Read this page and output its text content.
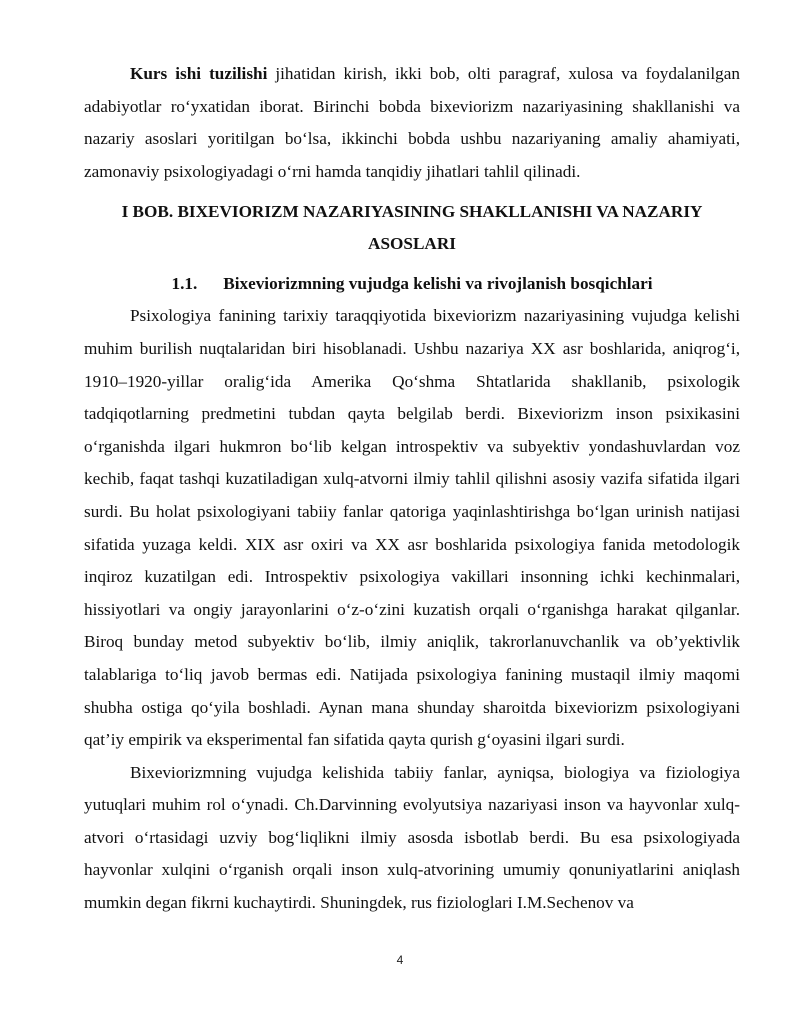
Kurs ishi tuzilishi jihatidan kirish, ikki bob, olti paragraf, xulosa va foydalanilgan adabiyotlar ro‘yxatidan iborat. Birinchi bobda bixeviorizm nazariyasining shakllanishi va nazariy asoslari yoritilgan bo‘lsa, ikkinchi bobda ushbu nazariyaning amaliy ahamiyati, zamonaviy psixologiyadagi o‘rni hamda tanqidiy jihatlari tahlil qilinadi.

I BOB. BIXEVIORIZM NAZARIYASINING SHAKLLANISHI VA NAZARIY ASOSLARI
1.1. Bixeviorizmning vujudga kelishi va rivojlanish bosqichlari

Psixologiya fanining tarixiy taraqqiyotida bixeviorizm nazariyasining vujudga kelishi muhim burilish nuqtalaridan biri hisoblanadi. Ushbu nazariya XX asr boshlarida, aniqrog‘i, 1910–1920-yillar oralig‘ida Amerika Qo‘shma Shtatlarida shakllanib, psixologik tadqiqotlarning predmetini tubdan qayta belgilab berdi. Bixeviorizm inson psixikasini o‘rganishda ilgari hukmron bo‘lib kelgan introspektiv va subyektiv yondashuvlardan voz kechib, faqat tashqi kuzatiladigan xulq-atvorni ilmiy tahlil qilishni asosiy vazifa sifatida ilgari surdi. Bu holat psixologiyani tabiiy fanlar qatoriga yaqinlashtirishga bo‘lgan urinish natijasi sifatida yuzaga keldi. XIX asr oxiri va XX asr boshlarida psixologiya fanida metodologik inqiroz kuzatilgan edi. Introspektiv psixologiya vakillari insonning ichki kechinmalari, hissiyotlari va ongiy jarayonlarini o‘z-o‘zini kuzatish orqali o‘rganishga harakat qilganlar. Biroq bunday metod subyektiv bo‘lib, ilmiy aniqlik, takrorlanuvchanlik va ob’yektivlik talablariga to‘liq javob bermas edi. Natijada psixologiya fanining mustaqil ilmiy maqomi shubha ostiga qo‘yila boshladi. Aynan mana shunday sharoitda bixeviorizm psixologiyani qat’iy empirik va eksperimental fan sifatida qayta qurish g‘oyasini ilgari surdi.

Bixeviorizmning vujudga kelishida tabiiy fanlar, ayniqsa, biologiya va fiziologiya yutuqlari muhim rol o‘ynadi. Ch.Darvinning evolyutsiya nazariyasi inson va hayvonlar xulq-atvori o‘rtasidagi uzviy bog‘liqlikni ilmiy asosda isbotlab berdi. Bu esa psixologiyada hayvonlar xulqini o‘rganish orqali inson xulq-atvorining umumiy qonuniyatlarini aniqlash mumkin degan fikrni kuchaytirdi. Shuningdek, rus fiziologlari I.M.Sechenov va

4
